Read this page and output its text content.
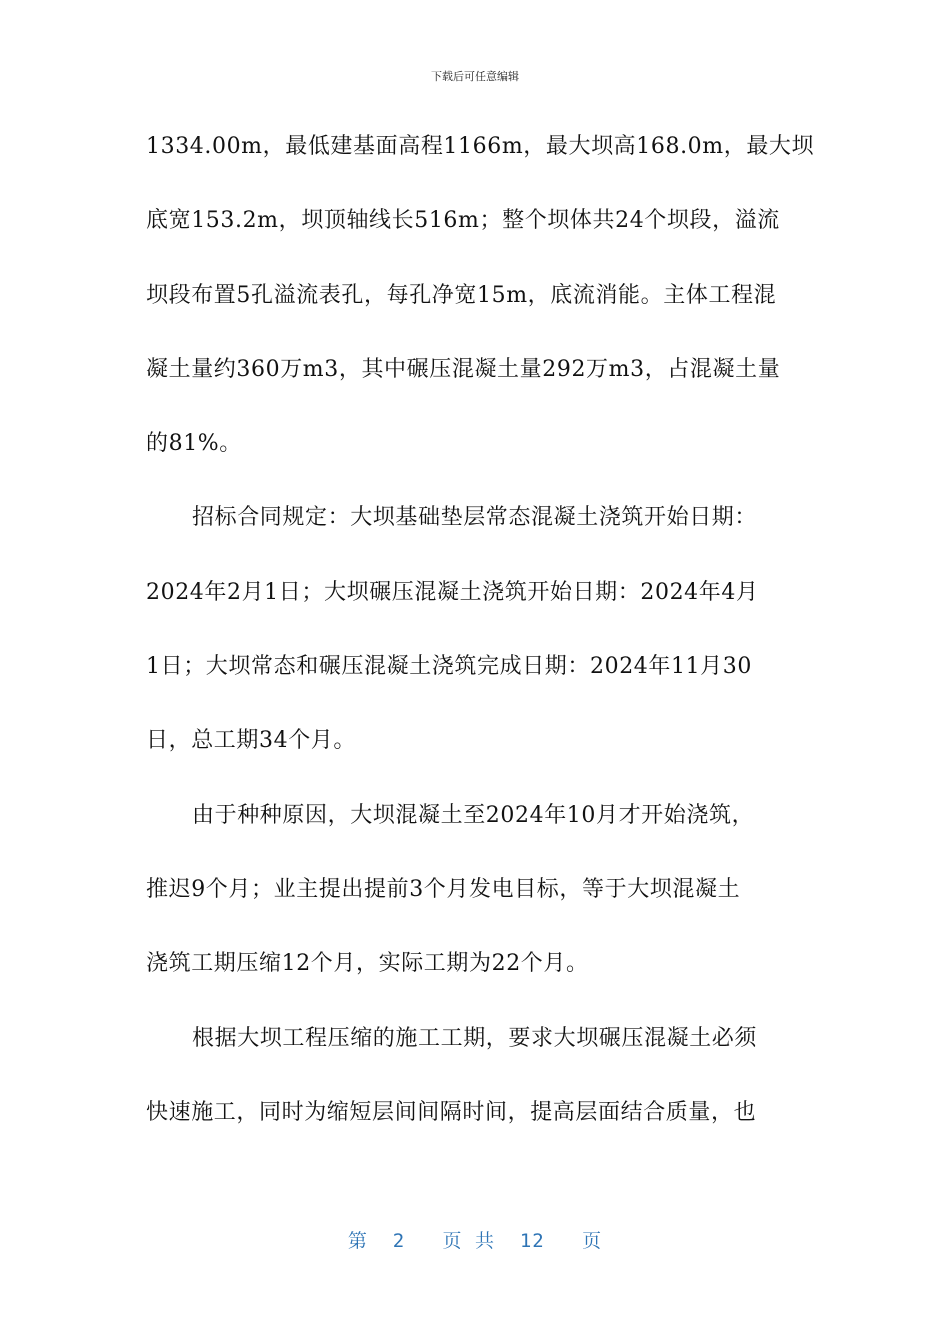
下载后可任意编辑
1334.00m，最低建基面高程1166m，最大坝高168.0m，最大坝
底宽153.2m，坝顶轴线长516m；整个坝体共24个坝段，溢流
坝段布置5孔溢流表孔，每孔净宽15m，底流消能。主体工程混
凝土量约360万m3，其中碾压混凝土量292万m3，占混凝土量
的81%。
招标合同规定：大坝基础垫层常态混凝土浇筑开始日期：
2024年2月1日；大坝碾压混凝土浇筑开始日期：2024年4月
1日；大坝常态和碾压混凝土浇筑完成日期：2024年11月30
日，总工期34个月。
由于种种原因，大坝混凝土至2024年10月才开始浇筑，
推迟9个月；业主提出提前3个月发电目标，等于大坝混凝土
浇筑工期压缩12个月，实际工期为22个月。
根据大坝工程压缩的施工工期，要求大坝碾压混凝土必须
快速施工，同时为缩短层间间隔时间，提高层面结合质量，也
第  2   页 共  12   页
